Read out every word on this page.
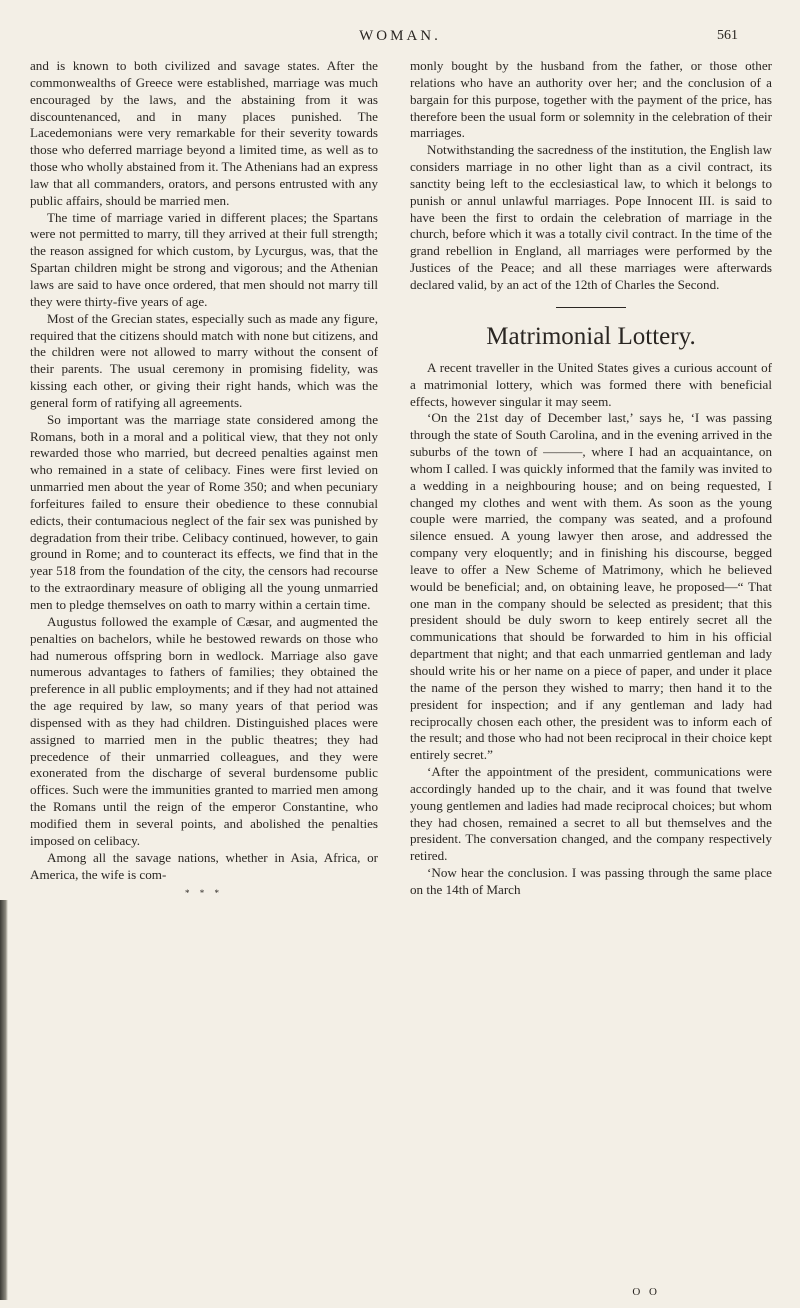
WOMAN.	561

and is known to both civilized and savage states. After the commonwealths of Greece were established, marriage was much encouraged by the laws, and the abstaining from it was discountenanced, and in many places punished. The Lacedemonians were very remarkable for their severity towards those who deferred marriage beyond a limited time, as well as to those who wholly abstained from it. The Athenians had an express law that all commanders, orators, and persons entrusted with any public affairs, should be married men.

The time of marriage varied in different places; the Spartans were not permitted to marry, till they arrived at their full strength; the reason assigned for which custom, by Lycurgus, was, that the Spartan children might be strong and vigorous; and the Athenian laws are said to have once ordered, that men should not marry till they were thirty-five years of age.

Most of the Grecian states, especially such as made any figure, required that the citizens should match with none but citizens, and the children were not allowed to marry without the consent of their parents. The usual ceremony in promising fidelity, was kissing each other, or giving their right hands, which was the general form of ratifying all agreements.

So important was the marriage state considered among the Romans, both in a moral and a political view, that they not only rewarded those who married, but decreed penalties against men who remained in a state of celibacy. Fines were first levied on unmarried men about the year of Rome 350; and when pecuniary forfeitures failed to ensure their obedience to these connubial edicts, their contumacious neglect of the fair sex was punished by degradation from their tribe. Celibacy continued, however, to gain ground in Rome; and to counteract its effects, we find that in the year 518 from the foundation of the city, the censors had recourse to the extraordinary measure of obliging all the young unmarried men to pledge themselves on oath to marry within a certain time.

Augustus followed the example of Cæsar, and augmented the penalties on bachelors, while he bestowed rewards on those who had numerous offspring born in wedlock. Marriage also gave numerous advantages to fathers of families; they obtained the preference in all public employments; and if they had not attained the age required by law, so many years of that period was dispensed with as they had children. Distinguished places were assigned to married men in the public theatres; they had precedence of their unmarried colleagues, and they were exonerated from the discharge of several burdensome public offices. Such were the immunities granted to married men among the Romans until the reign of the emperor Constantine, who modified them in several points, and abolished the penalties imposed on celibacy.

Among all the savage nations, whether in Asia, Africa, or America, the wife is com-

* * *

monly bought by the husband from the father, or those other relations who have an authority over her; and the conclusion of a bargain for this purpose, together with the payment of the price, has therefore been the usual form or solemnity in the celebration of their marriages.

Notwithstanding the sacredness of the institution, the English law considers marriage in no other light than as a civil contract, its sanctity being left to the ecclesiastical law, to which it belongs to punish or annul unlawful marriages. Pope Innocent III. is said to have been the first to ordain the celebration of marriage in the church, before which it was a totally civil contract. In the time of the grand rebellion in England, all marriages were performed by the Justices of the Peace; and all these marriages were afterwards declared valid, by an act of the 12th of Charles the Second.

Matrimonial Lottery.

A recent traveller in the United States gives a curious account of a matrimonial lottery, which was formed there with beneficial effects, however singular it may seem.

‘On the 21st day of December last,’ says he, ‘I was passing through the state of South Carolina, and in the evening arrived in the suburbs of the town of ———, where I had an acquaintance, on whom I called. I was quickly informed that the family was invited to a wedding in a neighbouring house; and on being requested, I changed my clothes and went with them. As soon as the young couple were married, the company was seated, and a profound silence ensued. A young lawyer then arose, and addressed the company very eloquently; and in finishing his discourse, begged leave to offer a New Scheme of Matrimony, which he believed would be beneficial; and, on obtaining leave, he proposed—“ That one man in the company should be selected as president; that this president should be duly sworn to keep entirely secret all the communications that should be forwarded to him in his official department that night; and that each unmarried gentleman and lady should write his or her name on a piece of paper, and under it place the name of the person they wished to marry; then hand it to the president for inspection; and if any gentleman and lady had reciprocally chosen each other, the president was to inform each of the result; and those who had not been reciprocal in their choice kept entirely secret.”

‘After the appointment of the president, communications were accordingly handed up to the chair, and it was found that twelve young gentlemen and ladies had made reciprocal choices; but whom they had chosen, remained a secret to all but themselves and the president. The conversation changed, and the company respectively retired.

‘Now hear the conclusion. I was passing through the same place on the 14th of March

O O
